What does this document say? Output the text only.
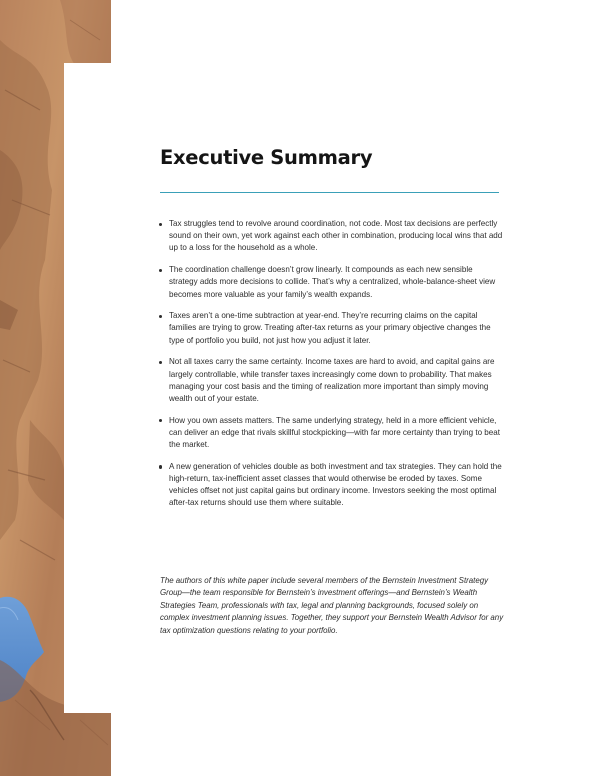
Executive Summary
Tax struggles tend to revolve around coordination, not code. Most tax decisions are perfectly sound on their own, yet work against each other in combination, producing local wins that add up to a loss for the household as a whole.
The coordination challenge doesn’t grow linearly. It compounds as each new sensible strategy adds more decisions to collide. That’s why a centralized, whole-balance-sheet view becomes more valuable as your family’s wealth expands.
Taxes aren’t a one-time subtraction at year-end. They’re recurring claims on the capital families are trying to grow. Treating after-tax returns as your primary objective changes the type of portfolio you build, not just how you adjust it later.
Not all taxes carry the same certainty. Income taxes are hard to avoid, and capital gains are largely controllable, while transfer taxes increasingly come down to probability. That makes managing your cost basis and the timing of realization more important than simply moving wealth out of your estate.
How you own assets matters. The same underlying strategy, held in a more efficient vehicle, can deliver an edge that rivals skillful stockpicking—with far more certainty than trying to beat the market.
A new generation of vehicles double as both investment and tax strategies. They can hold the high-return, tax-inefficient asset classes that would otherwise be eroded by taxes. Some vehicles offset not just capital gains but ordinary income. Investors seeking the most optimal after-tax returns should use them where suitable.

The authors of this white paper include several members of the Bernstein Investment Strategy Group—the team responsible for Bernstein’s investment offerings—and Bernstein’s Wealth Strategies Team, professionals with tax, legal and planning backgrounds, focused solely on complex investment planning issues. Together, they support your Bernstein Wealth Advisor for any tax optimization questions relating to your portfolio.
